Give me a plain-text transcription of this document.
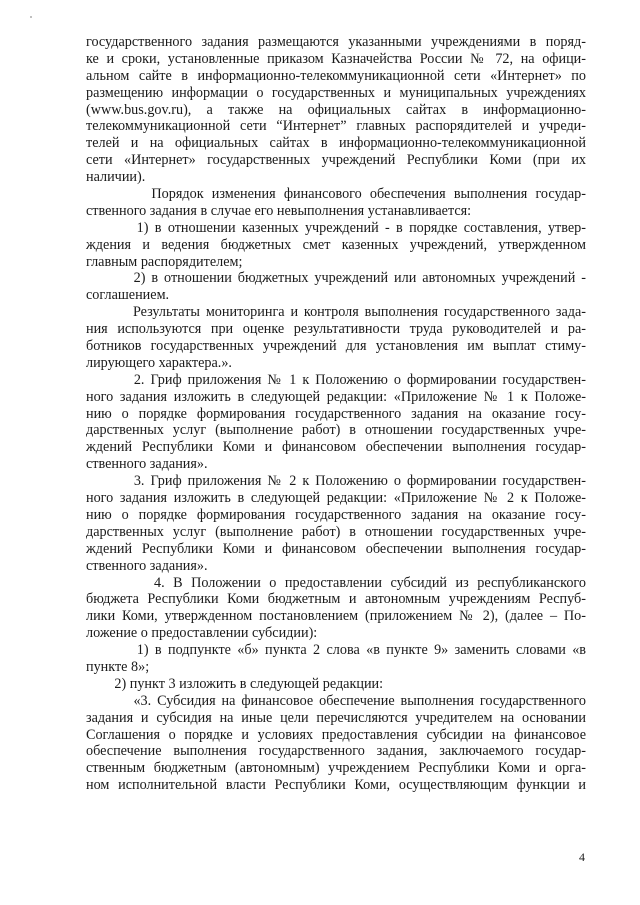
государственного задания размещаются указанными учреждениями в поряд-
ке и сроки, установленные приказом Казначейства России № 72, на офици-
альном сайте в информационно-телекоммуникационной сети «Интернет» по
размещению информации о государственных и муниципальных учреждениях
(www.bus.gov.ru), а также на официальных сайтах в информационно-
телекоммуникационной сети “Интернет” главных распорядителей и учреди-
телей и на официальных сайтах в информационно-телекоммуникационной
сети «Интернет» государственных учреждений Республики Коми (при их
наличии).
Порядок изменения финансового обеспечения выполнения государ-
ственного задания в случае его невыполнения устанавливается:
1) в отношении казенных учреждений - в порядке составления, утвер-
ждения и ведения бюджетных смет казенных учреждений, утвержденном
главным распорядителем;
2) в отношении бюджетных учреждений или автономных учреждений -
соглашением.
Результаты мониторинга и контроля выполнения государственного зада-
ния используются при оценке результативности труда руководителей и ра-
ботников государственных учреждений для установления им выплат стиму-
лирующего характера.».
2. Гриф приложения № 1 к Положению о формировании государствен-
ного задания изложить в следующей редакции: «Приложение № 1 к Положе-
нию о порядке формирования государственного задания на оказание госу-
дарственных услуг (выполнение работ) в отношении государственных учре-
ждений Республики Коми и финансовом обеспечении выполнения государ-
ственного задания».
3. Гриф приложения № 2 к Положению о формировании государствен-
ного задания изложить в следующей редакции: «Приложение № 2 к Положе-
нию о порядке формирования государственного задания на оказание госу-
дарственных услуг (выполнение работ) в отношении государственных учре-
ждений Республики Коми и финансовом обеспечении выполнения государ-
ственного задания».
4. В Положении о предоставлении субсидий из республиканского
бюджета Республики Коми бюджетным и автономным учреждениям Респуб-
лики Коми, утвержденном постановлением (приложением № 2), (далее – По-
ложение о предоставлении субсидии):
1) в подпункте «б» пункта 2 слова «в пункте 9» заменить словами «в
пункте 8»;
2) пункт 3 изложить в следующей редакции:
«3. Субсидия на финансовое обеспечение выполнения государственного
задания и субсидия на иные цели перечисляются учредителем на основании
Соглашения о порядке и условиях предоставления субсидии на финансовое
обеспечение выполнения государственного задания, заключаемого государ-
ственным бюджетным (автономным) учреждением Республики Коми и орга-
ном исполнительной власти Республики Коми, осуществляющим функции и
4
